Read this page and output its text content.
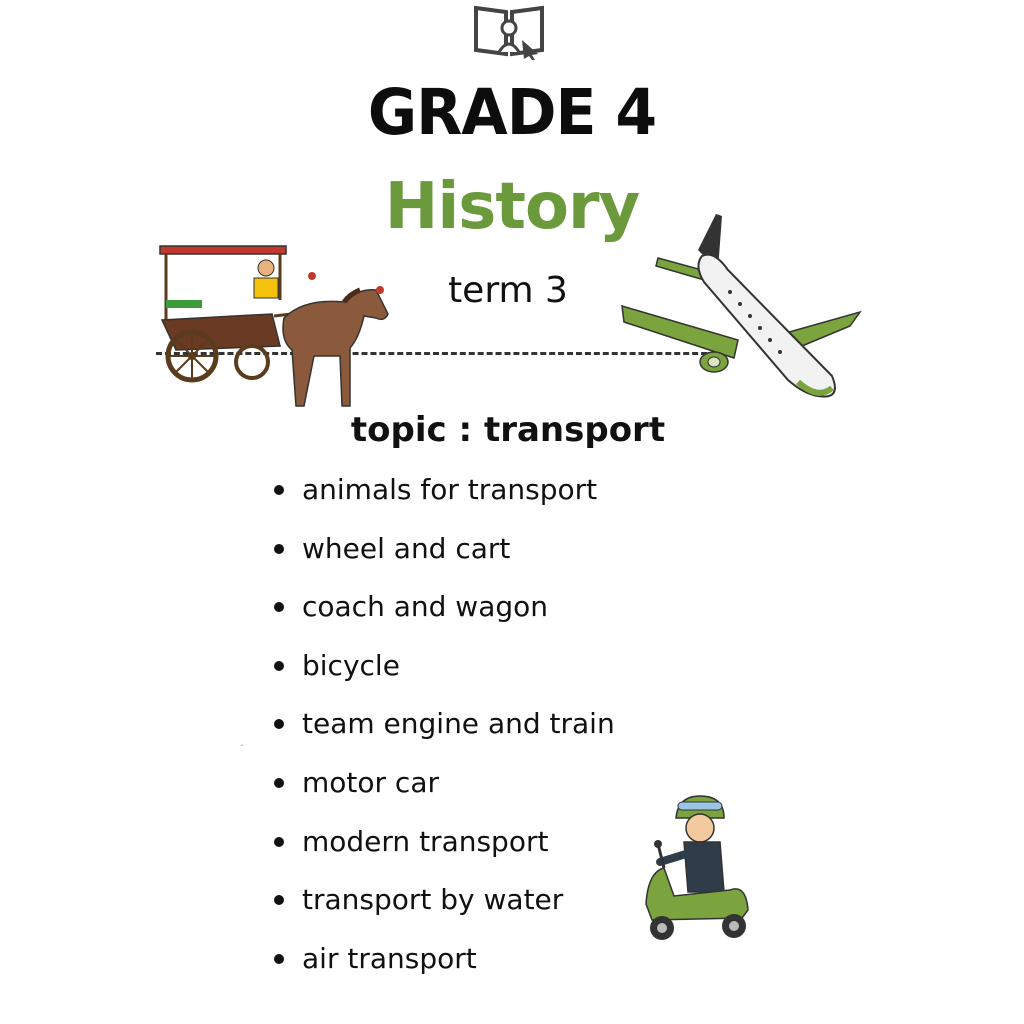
GRADE 4
History
term 3
topic : transport
animals for transport
wheel and cart
coach and wagon
bicycle
team engine and train
motor car
modern transport
transport by water
air transport
¨
